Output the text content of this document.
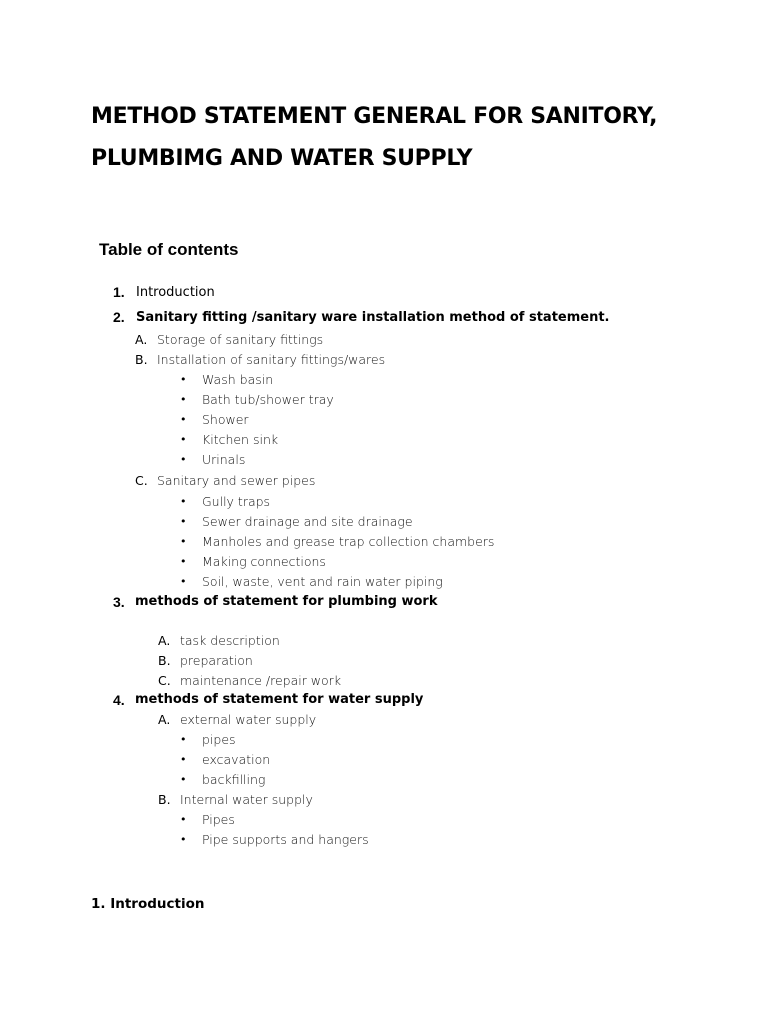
METHOD STATEMENT GENERAL FOR SANITORY, PLUMBIMG AND WATER SUPPLY
Table of contents
1. Introduction
2. Sanitary fitting /sanitary ware installation method of statement.
A. Storage of sanitary fittings
B. Installation of sanitary fittings/wares
• Wash basin
• Bath tub/shower tray
• Shower
• Kitchen sink
• Urinals
C. Sanitary and sewer pipes
• Gully traps
• Sewer drainage and site drainage
• Manholes and grease trap collection chambers
• Making connections
• Soil, waste, vent and rain water piping
3. methods of statement for plumbing work
A. task description
B. preparation
C. maintenance /repair work
4. methods of statement for water supply
A. external water supply
• pipes
• excavation
• backfilling
B. Internal water supply
• Pipes
• Pipe supports and hangers
1. Introduction
